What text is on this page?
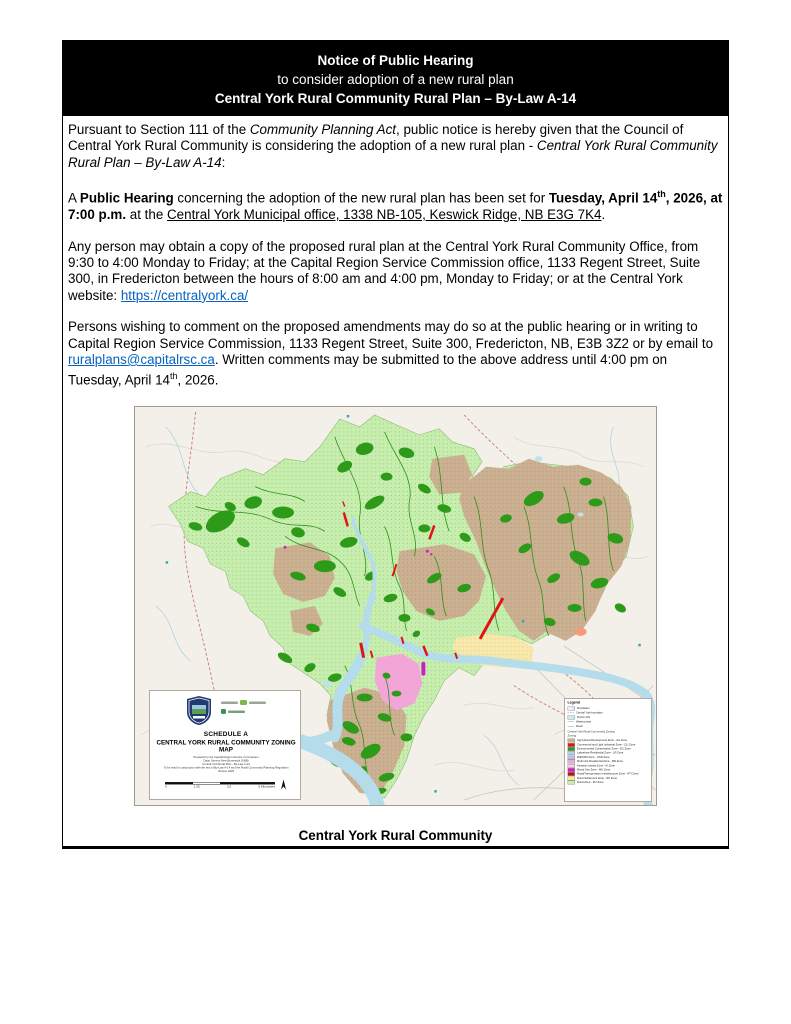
Notice of Public Hearing
to consider adoption of a new rural plan
Central York Rural Community Rural Plan – By-Law A-14

Pursuant to Section 111 of the Community Planning Act, public notice is hereby given that the Council of Central York Rural Community is considering the adoption of a new rural plan - Central York Rural Community Rural Plan – By-Law A-14:

A Public Hearing concerning the adoption of the new rural plan has been set for Tuesday, April 14th, 2026, at 7:00 p.m. at the Central York Municipal office, 1338 NB-105, Keswick Ridge, NB E3G 7K4.

Any person may obtain a copy of the proposed rural plan at the Central York Rural Community Office, from 9:30 to 4:00 Monday to Friday; at the Capital Region Service Commission office, 1133 Regent Street, Suite 300, in Fredericton between the hours of 8:00 am and 4:00 pm, Monday to Friday; or at the Central York website: https://centralyork.ca/

Persons wishing to comment on the proposed amendments may do so at the public hearing or in writing to Capital Region Service Commission, 1133 Regent Street, Suite 300, Fredericton, NB, E3B 3Z2 or by email to ruralplans@capitalrsc.ca. Written comments may be submitted to the above address until 4:00 pm on Tuesday, April 14th, 2026.

SCHEDULE A
CENTRAL YORK RURAL COMMUNITY ZONING MAP
Prepared by the Capital Region Service Commission
Data: Service New Brunswick (SNB)
Central York Rural Plan - By-Law A-14
To be read in conjunction with the text of By-Law A-14 and the Rural Community Planning Regulation
Version 2025
0	1.25	2.5	5 Kilometers
Legend
Floodplain
Central York boundary
Flood (1%)
Watercourse
Road
Central York Rural Community Zoning
Zoning
Agricultural Development Zone - AG Zone
Commercial and Light Industrial Zone - CLI Zone
Environmental Conservation Zone - EC Zone
Lakeshore Residential Zone - LR Zone
Mill/OSD Zone - OSD Zone
Multi-Unit Residential Zone - MR Zone
Keswick Islands Zone - KI Zone
Mixed Use Zone - MU Zone
Road/Transportation Infrastructure Zone - RTI Zone
Rural Settlement Zone - RS Zone
Rural Zone - RU Zone
Central York Rural Community
